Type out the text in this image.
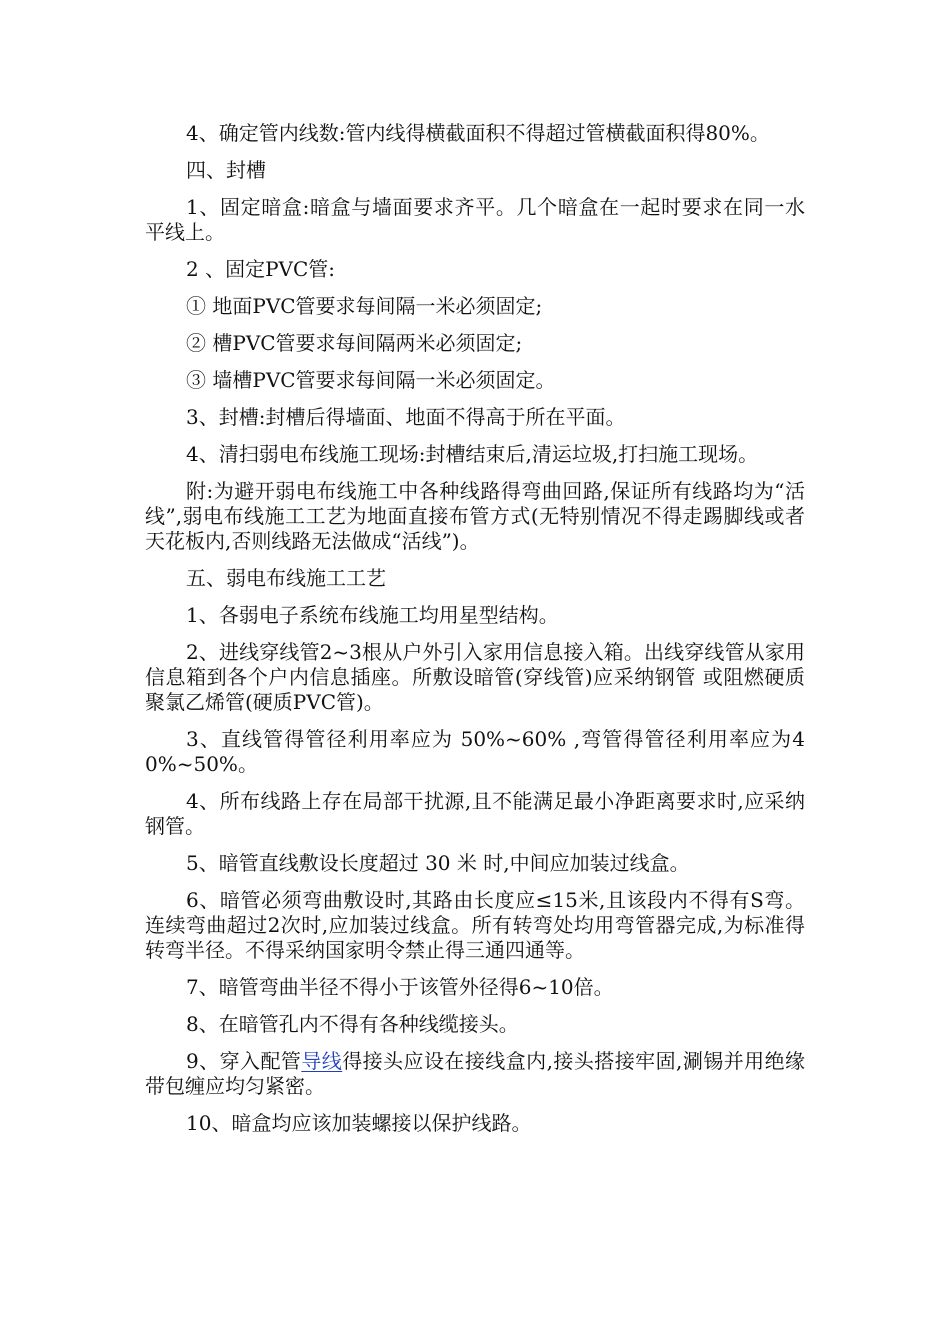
4、确定管内线数:管内线得横截面积不得超过管横截面积得80%。

四、封槽

1、固定暗盒:暗盒与墙面要求齐平。几个暗盒在一起时要求在同一水平线上。

2 、固定PVC管:

① 地面PVC管要求每间隔一米必须固定;

② 槽PVC管要求每间隔两米必须固定;

③ 墙槽PVC管要求每间隔一米必须固定。

3、封槽:封槽后得墙面、地面不得高于所在平面。

4、清扫弱电布线施工现场:封槽结束后,清运垃圾,打扫施工现场。

附:为避开弱电布线施工中各种线路得弯曲回路,保证所有线路均为“活线”,弱电布线施工工艺为地面直接布管方式(无特别情况不得走踢脚线或者天花板内,否则线路无法做成“活线”)。

五、弱电布线施工工艺

1、各弱电子系统布线施工均用星型结构。

2、进线穿线管2~3根从户外引入家用信息接入箱。出线穿线管从家用信息箱到各个户内信息插座。所敷设暗管(穿线管)应采纳钢管 或阻燃硬质聚氯乙烯管(硬质PVC管)。

3、直线管得管径利用率应为 50%~60% ,弯管得管径利用率应为40%~50%。

4、所布线路上存在局部干扰源,且不能满足最小净距离要求时,应采纳钢管。

5、暗管直线敷设长度超过 30 米 时,中间应加装过线盒。

6、暗管必须弯曲敷设时,其路由长度应≤15米,且该段内不得有S弯。连续弯曲超过2次时,应加装过线盒。所有转弯处均用弯管器完成,为标准得转弯半径。不得采纳国家明令禁止得三通四通等。

7、暗管弯曲半径不得小于该管外径得6~10倍。

8、在暗管孔内不得有各种线缆接头。

9、穿入配管导线得接头应设在接线盒内,接头搭接牢固,涮锡并用绝缘带包缠应均匀紧密。

10、暗盒均应该加装螺接以保护线路。
